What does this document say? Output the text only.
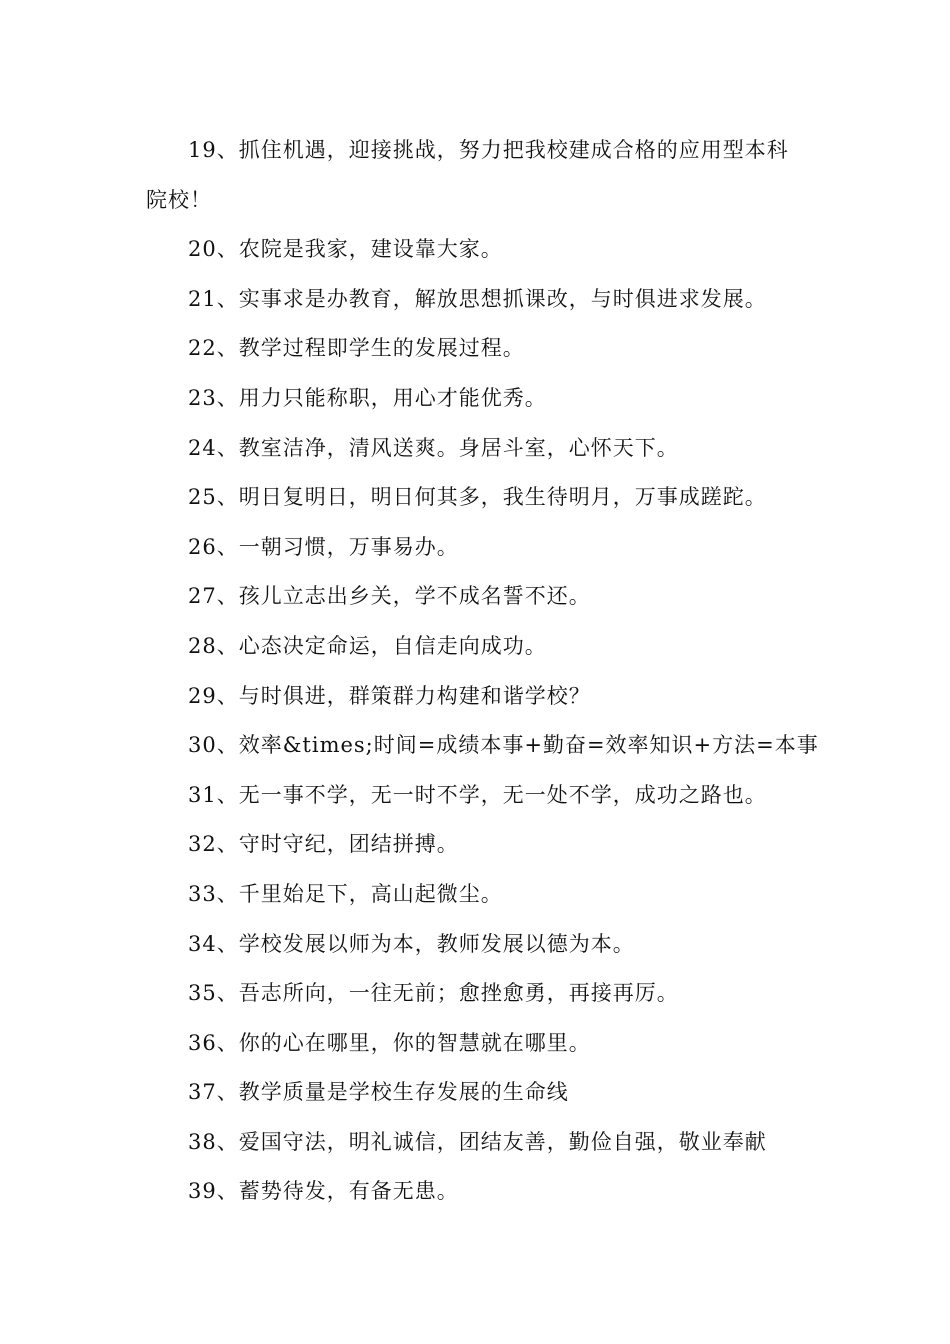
19、抓住机遇，迎接挑战，努力把我校建成合格的应用型本科
院校！
20、农院是我家，建设靠大家。
21、实事求是办教育，解放思想抓课改，与时俱进求发展。
22、教学过程即学生的发展过程。
23、用力只能称职，用心才能优秀。
24、教室洁净，清风送爽。身居斗室，心怀天下。
25、明日复明日，明日何其多，我生待明月，万事成蹉跎。
26、一朝习惯，万事易办。
27、孩儿立志出乡关，学不成名誓不还。
28、心态决定命运，自信走向成功。
29、与时俱进，群策群力构建和谐学校？
30、效率&times;时间=成绩本事+勤奋=效率知识+方法=本事
31、无一事不学，无一时不学，无一处不学，成功之路也。
32、守时守纪，团结拼搏。
33、千里始足下，高山起微尘。
34、学校发展以师为本，教师发展以德为本。
35、吾志所向，一往无前；愈挫愈勇，再接再厉。
36、你的心在哪里，你的智慧就在哪里。
37、教学质量是学校生存发展的生命线
38、爱国守法，明礼诚信，团结友善，勤俭自强，敬业奉献
39、蓄势待发，有备无患。
